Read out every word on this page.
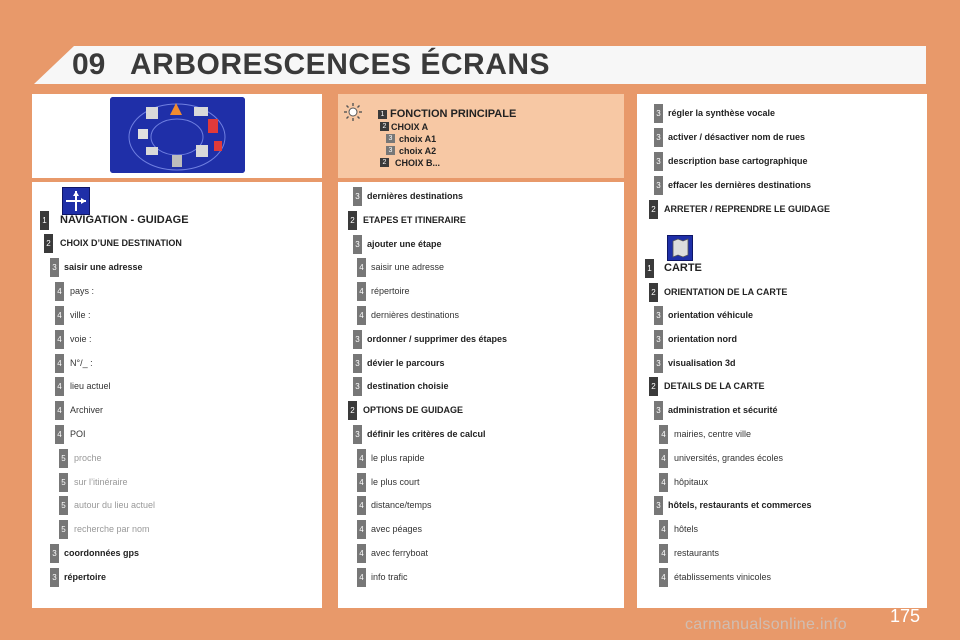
09 ARBORESCENCES ÉCRANS
1 FONCTION PRINCIPALE
2 CHOIX A
3 choix A1
3 choix A2
2 CHOIX B...
1 NAVIGATION - GUIDAGE
2 CHOIX D’UNE DESTINATION
3 saisir une adresse
4 pays :
4 ville :
4 voie :
4 N°/_ :
4 lieu actuel
4 Archiver
4 POI
5 proche
5 sur l’itinéraire
5 autour du lieu actuel
5 recherche par nom
3 coordonnées gps
3 répertoire
3 dernières destinations
2 ETAPES ET ITINERAIRE
3 ajouter une étape
4 saisir une adresse
4 répertoire
4 dernières destinations
3 ordonner / supprimer des étapes
3 dévier le parcours
3 destination choisie
2 OPTIONS DE GUIDAGE
3 définir les critères de calcul
4 le plus rapide
4 le plus court
4 distance/temps
4 avec péages
4 avec ferryboat
4 info trafic
3 régler la synthèse vocale
3 activer / désactiver nom de rues
3 description base cartographique
3 effacer les dernières destinations
2 ARRETER / REPRENDRE LE GUIDAGE
1 CARTE
2 ORIENTATION DE LA CARTE
3 orientation véhicule
3 orientation nord
3 visualisation 3d
2 DETAILS DE LA CARTE
3 administration et sécurité
4 mairies, centre ville
4 universités, grandes écoles
4 hôpitaux
3 hôtels, restaurants et commerces
4 hôtels
4 restaurants
4 établissements vinicoles
175
carmanualsonline.info
